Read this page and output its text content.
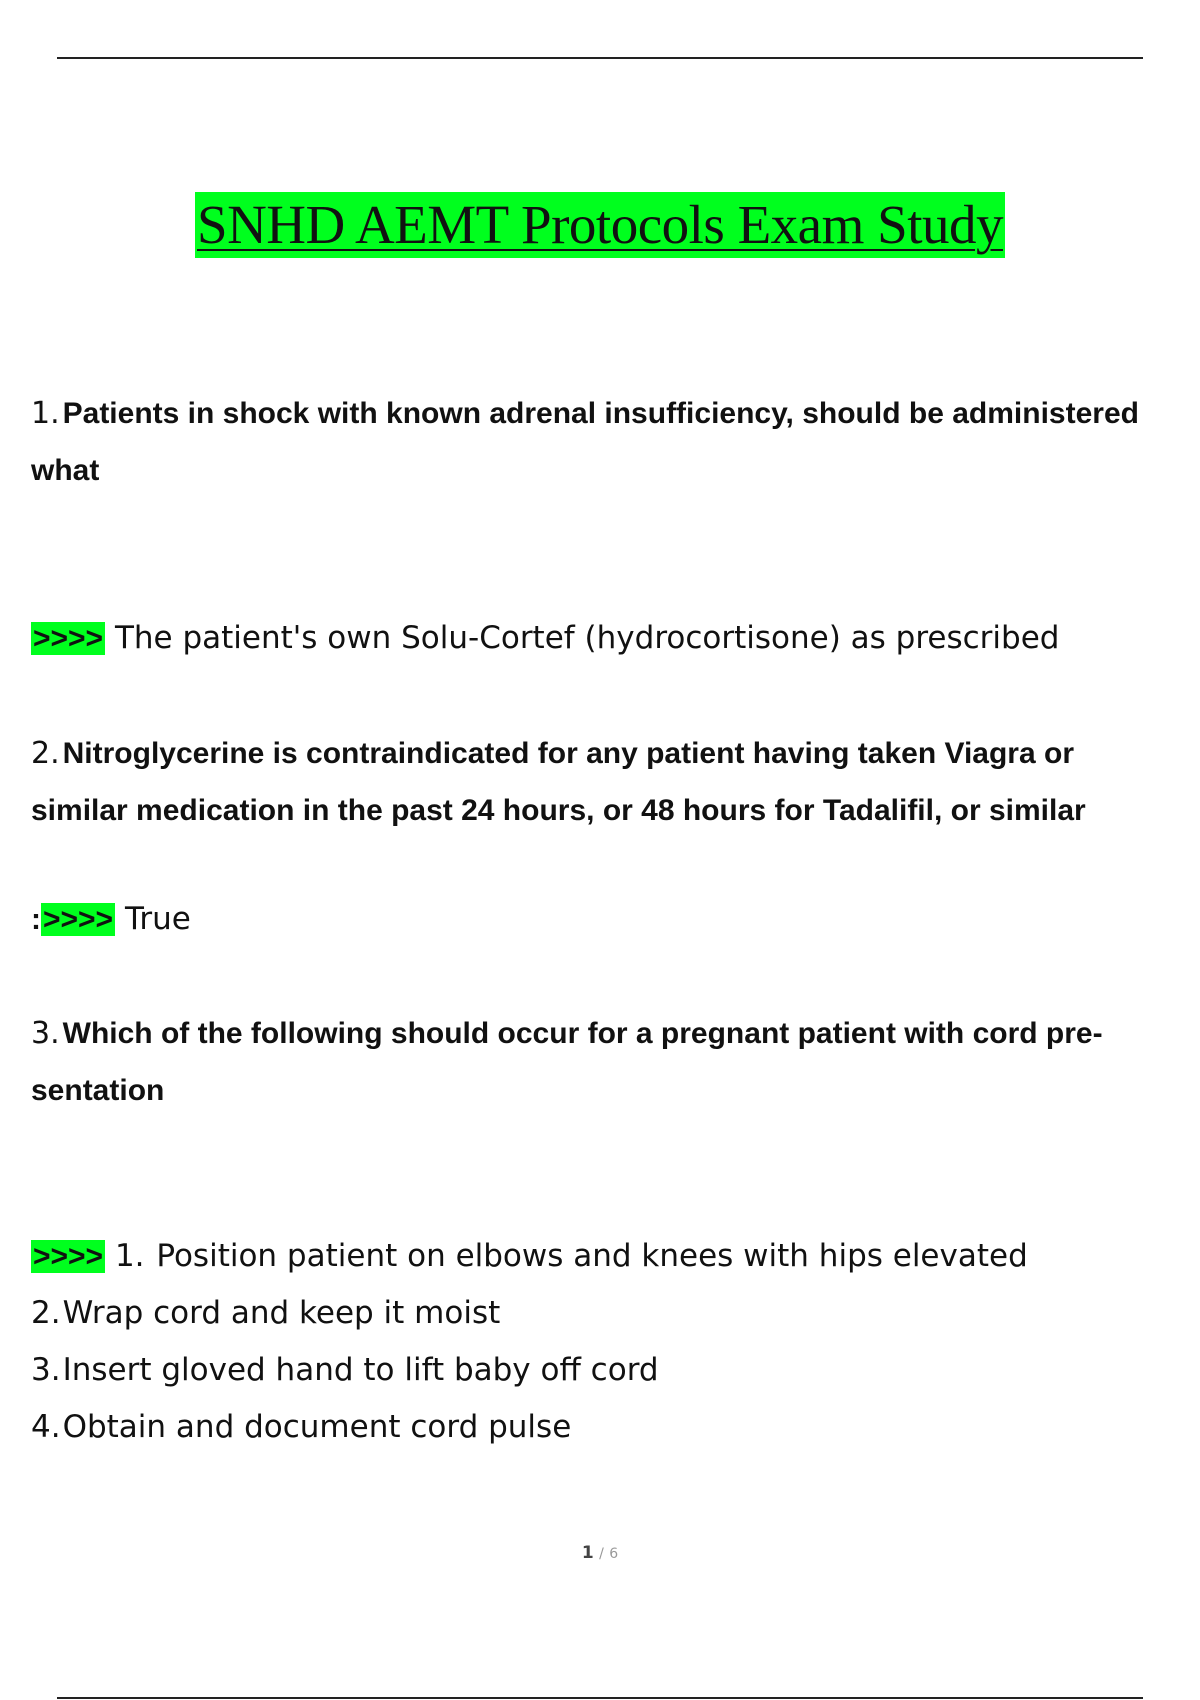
SNHD AEMT Protocols Exam Study
1. Patients in shock with known adrenal insufficiency, should be administered what
>>>> The patient's own Solu-Cortef (hydrocortisone) as prescribed
2. Nitroglycerine is contraindicated for any patient having taken Viagra or similar medication in the past 24 hours, or 48 hours for Tadalifil, or similar
:>>>> True
3. Which of the following should occur for a pregnant patient with cord pre- sentation
>>>> 1. Position patient on elbows and knees with hips elevated
2.Wrap cord and keep it moist
3.Insert gloved hand to lift baby off cord
4.Obtain and document cord pulse
1 / 6
